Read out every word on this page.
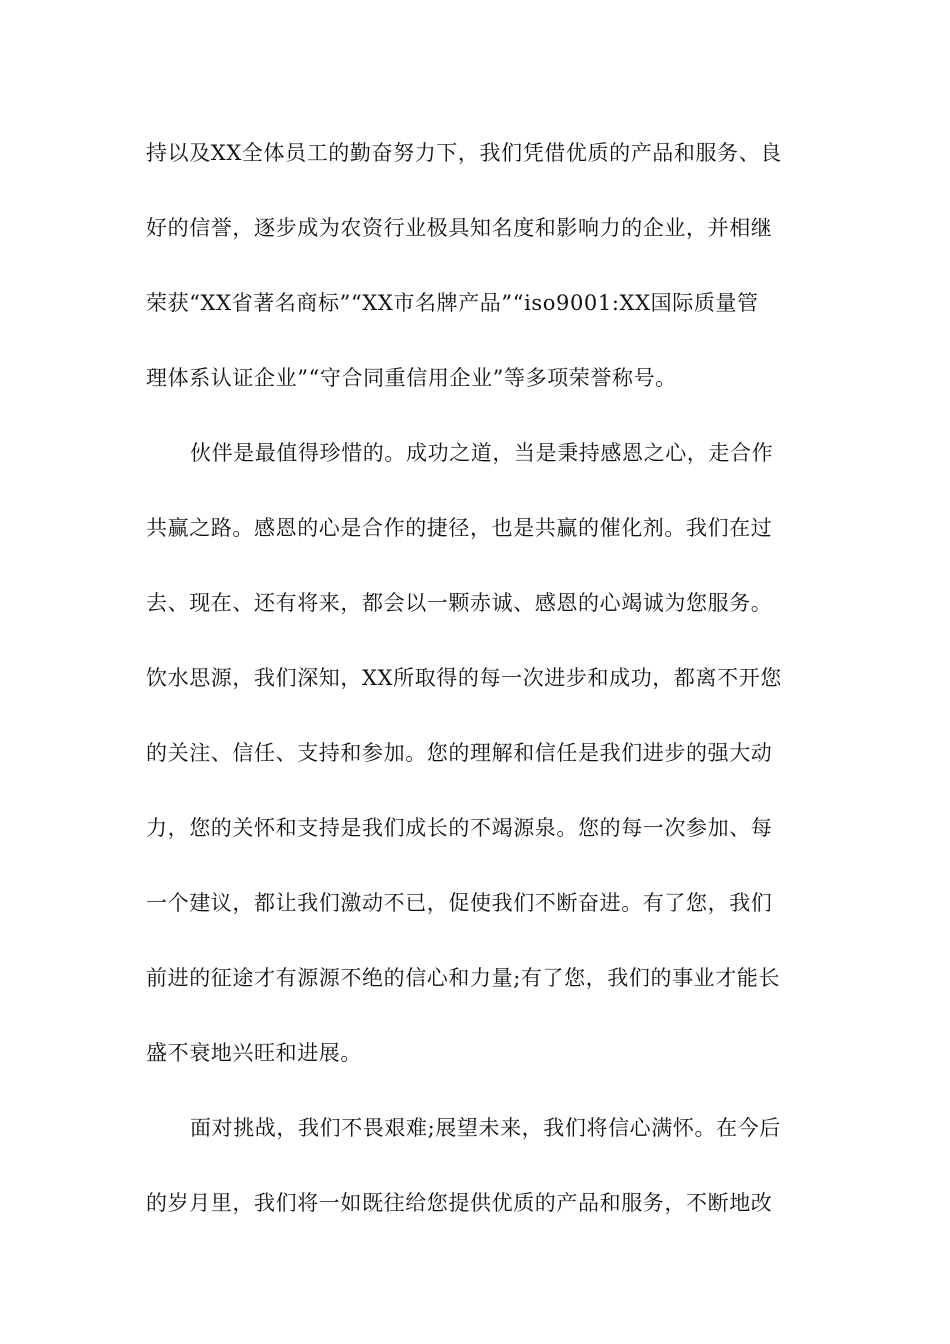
持以及XX全体员工的勤奋努力下，我们凭借优质的产品和服务、良
好的信誉，逐步成为农资行业极具知名度和影响力的企业，并相继
荣获“XX省著名商标”“XX市名牌产品”“iso9001:XX国际质量管
理体系认证企业”“守合同重信用企业”等多项荣誉称号。
伙伴是最值得珍惜的。成功之道，当是秉持感恩之心，走合作
共赢之路。感恩的心是合作的捷径，也是共赢的催化剂。我们在过
去、现在、还有将来，都会以一颗赤诚、感恩的心竭诚为您服务。
饮水思源，我们深知，XX所取得的每一次进步和成功，都离不开您
的关注、信任、支持和参加。您的理解和信任是我们进步的强大动
力，您的关怀和支持是我们成长的不竭源泉。您的每一次参加、每
一个建议，都让我们激动不已，促使我们不断奋进。有了您，我们
前进的征途才有源源不绝的信心和力量;有了您，我们的事业才能长
盛不衰地兴旺和进展。
面对挑战，我们不畏艰难;展望未来，我们将信心满怀。在今后
的岁月里，我们将一如既往给您提供优质的产品和服务，不断地改
